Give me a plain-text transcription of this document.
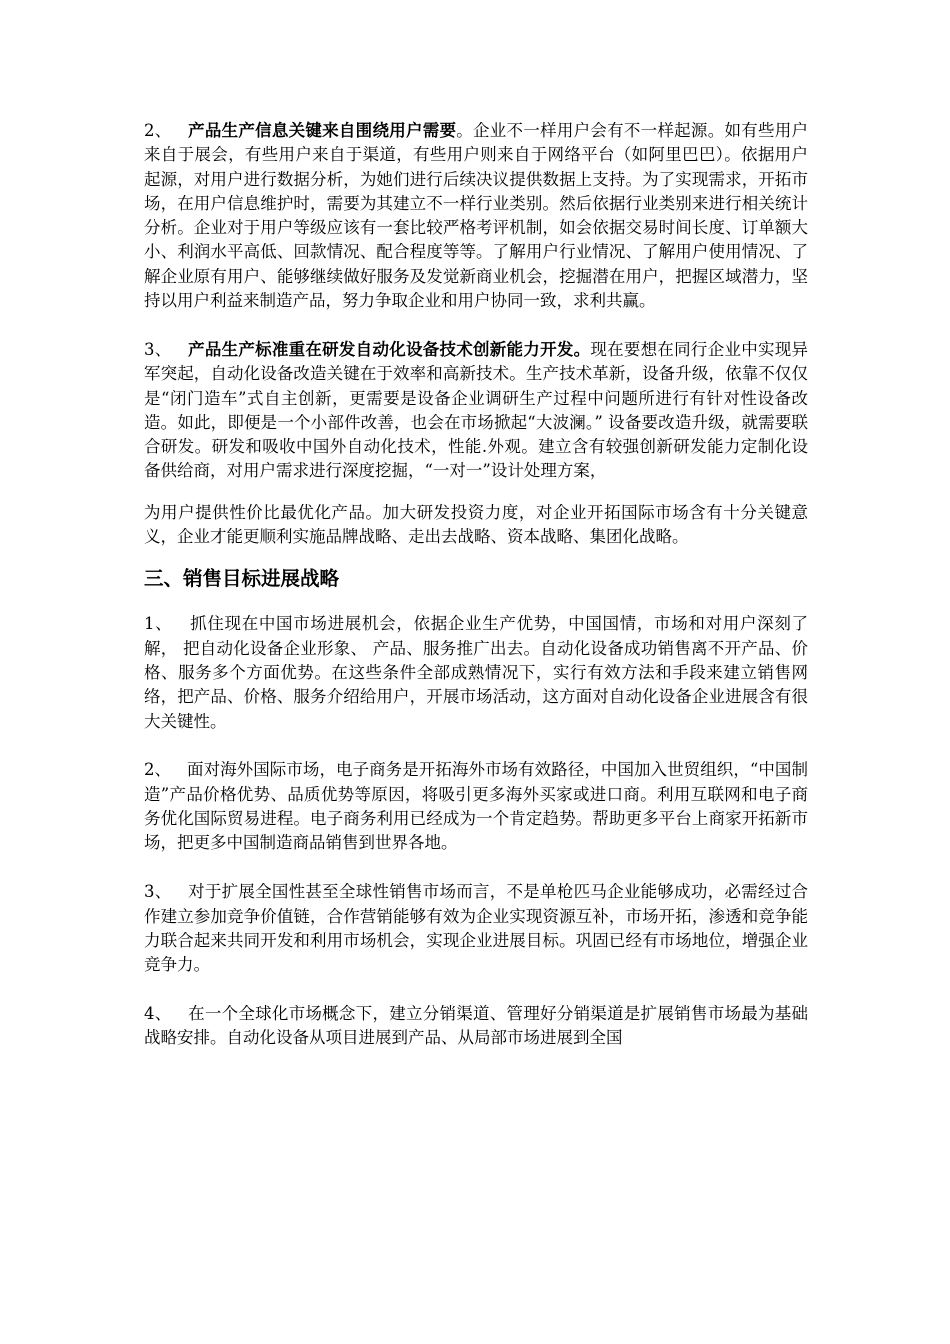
2、 产品生产信息关键来自围绕用户需要。企业不一样用户会有不一样起源。如有些用户来自于展会，有些用户来自于渠道，有些用户则来自于网络平台（如阿里巴巴）。依据用户起源，对用户进行数据分析，为她们进行后续决议提供数据上支持。为了实现需求，开拓市场，在用户信息维护时，需要为其建立不一样行业类别。然后依据行业类别来进行相关统计分析。企业对于用户等级应该有一套比较严格考评机制，如会依据交易时间长度、订单额大小、利润水平高低、回款情况、配合程度等等。了解用户行业情况、了解用户使用情况、了解企业原有用户、能够继续做好服务及发觉新商业机会，挖掘潜在用户，把握区域潜力，坚持以用户利益来制造产品，努力争取企业和用户协同一致，求利共赢。

3、 产品生产标准重在研发自动化设备技术创新能力开发。现在要想在同行企业中实现异军突起，自动化设备改造关键在于效率和高新技术。生产技术革新，设备升级，依靠不仅仅是“闭门造车”式自主创新，更需要是设备企业调研生产过程中问题所进行有针对性设备改造。如此，即便是一个小部件改善，也会在市场掀起“大波澜。” 设备要改造升级，就需要联合研发。研发和吸收中国外自动化技术，性能.外观。建立含有较强创新研发能力定制化设备供给商，对用户需求进行深度挖掘，“一对一”设计处理方案，

为用户提供性价比最优化产品。加大研发投资力度，对企业开拓国际市场含有十分关键意义，企业才能更顺利实施品牌战略、走出去战略、资本战略、集团化战略。

三、销售目标进展战略

1、 抓住现在中国市场进展机会，依据企业生产优势，中国国情，市场和对用户深刻了解， 把自动化设备企业形象、 产品、服务推广出去。自动化设备成功销售离不开产品、价格、服务多个方面优势。在这些条件全部成熟情况下，实行有效方法和手段来建立销售网络，把产品、价格、服务介绍给用户，开展市场活动，这方面对自动化设备企业进展含有很大关键性。

2、 面对海外国际市场，电子商务是开拓海外市场有效路径，中国加入世贸组织，“中国制造”产品价格优势、品质优势等原因，将吸引更多海外买家或进口商。利用互联网和电子商务优化国际贸易进程。电子商务利用已经成为一个肯定趋势。帮助更多平台上商家开拓新市场，把更多中国制造商品销售到世界各地。

3、 对于扩展全国性甚至全球性销售市场而言，不是单枪匹马企业能够成功，必需经过合作建立参加竞争价值链，合作营销能够有效为企业实现资源互补，市场开拓，渗透和竞争能力联合起来共同开发和利用市场机会，实现企业进展目标。巩固已经有市场地位，增强企业竞争力。

4、 在一个全球化市场概念下，建立分销渠道、管理好分销渠道是扩展销售市场最为基础战略安排。自动化设备从项目进展到产品、从局部市场进展到全国
